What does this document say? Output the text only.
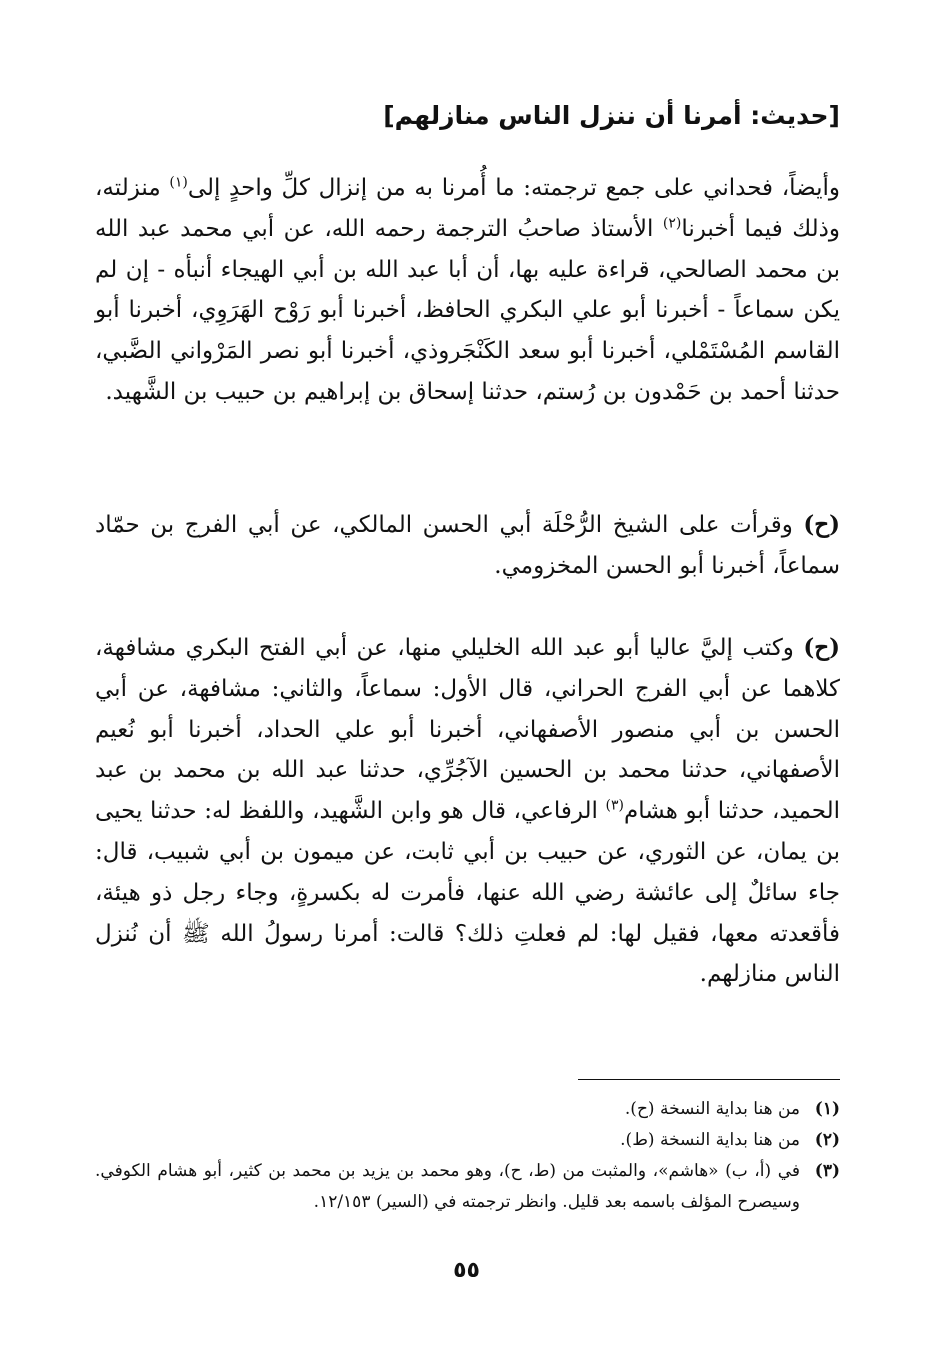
[حديث: أمرنا أن ننزل الناس منازلهم]

وأيضاً، فحداني على جمع ترجمته: ما أُمرنا به من إنزال كلِّ واحدٍ إلى$^{(١)}$ منزلته، وذلك فيما أخبرنا$^{(٢)}$ الأستاذ صاحبُ الترجمة رحمه الله، عن أبي محمد عبد الله بن محمد الصالحي، قراءة عليه بها، أن أبا عبد الله بن أبي الهيجاء أنبأه - إن لم يكن سماعاً - أخبرنا أبو علي البكري الحافظ، أخبرنا أبو رَوْح الهَرَوِي، أخبرنا أبو القاسم المُسْتَمْلي، أخبرنا أبو سعد الكَنْجَروذي، أخبرنا أبو نصر المَرْواني الضَّبي، حدثنا أحمد بن حَمْدون بن رُستم، حدثنا إسحاق بن إبراهيم بن حبيب بن الشَّهيد.

(ح) وقرأت على الشيخ الرُّحْلَة أبي الحسن المالكي، عن أبي الفرج بن حمّاد سماعاً، أخبرنا أبو الحسن المخزومي.

(ح) وكتب إليَّ عاليا أبو عبد الله الخليلي منها، عن أبي الفتح البكري مشافهة، كلاهما عن أبي الفرج الحراني، قال الأول: سماعاً، والثاني: مشافهة، عن أبي الحسن بن أبي منصور الأصفهاني، أخبرنا أبو علي الحداد، أخبرنا أبو نُعيم الأصفهاني، حدثنا محمد بن الحسين الآجُرِّي، حدثنا عبد الله بن محمد بن عبد الحميد، حدثنا أبو هشام$^{(٣)}$ الرفاعي، قال هو وابن الشَّهيد، واللفظ له: حدثنا يحيى بن يمان، عن الثوري، عن حبيب بن أبي ثابت، عن ميمون بن أبي شبيب، قال: جاء سائلٌ إلى عائشة رضي الله عنها، فأمرت له بكسرةٍ، وجاء رجل ذو هيئة، فأقعدته معها، فقيل لها: لم فعلتِ ذلك؟ قالت: أمرنا رسولُ الله ﷺ أن نُنزل الناس منازلهم.

(١)
من هنا بداية النسخة (ح).
(٢)
من هنا بداية النسخة (ط).
(٣)
في (أ، ب) «هاشم»، والمثبت من (ط، ح)، وهو محمد بن يزيد بن محمد بن كثير، أبو هشام الكوفي. وسيصرح المؤلف باسمه بعد قليل. وانظر ترجمته في (السير) ١٢/١٥٣.
٥٥
